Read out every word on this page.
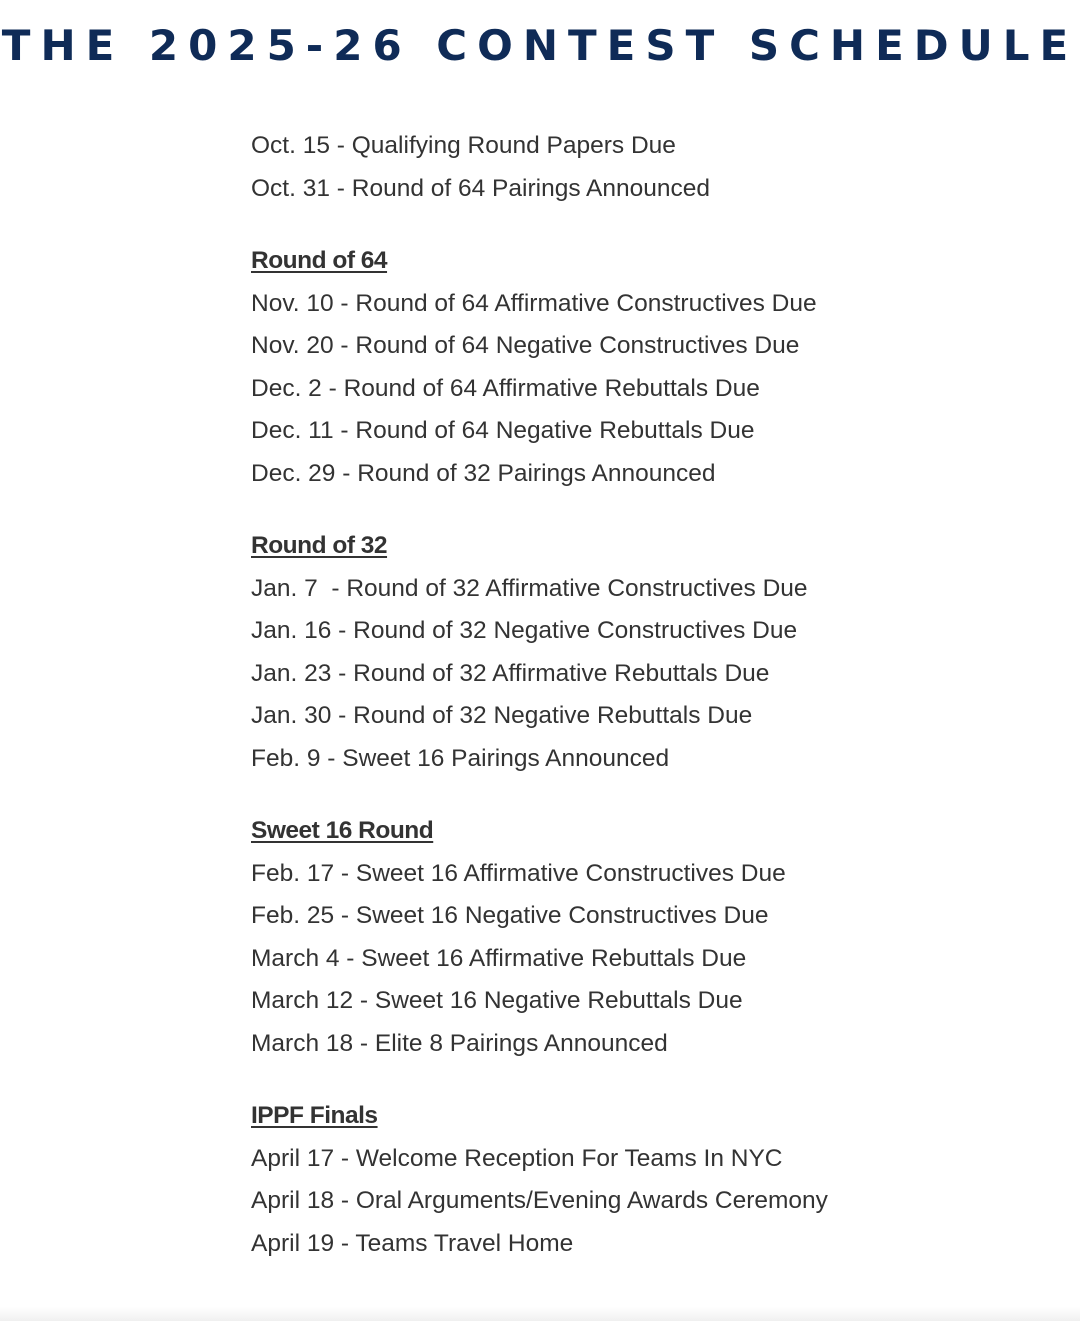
THE 2025-26 CONTEST SCHEDULE
Oct. 15 - Qualifying Round Papers Due
Oct. 31 - Round of 64 Pairings Announced
Round of 64
Nov. 10 - Round of 64 Affirmative Constructives Due
Nov. 20 - Round of 64 Negative Constructives Due
Dec. 2 - Round of 64 Affirmative Rebuttals Due
Dec. 11 - Round of 64 Negative Rebuttals Due
Dec. 29 - Round of 32 Pairings Announced
Round of 32
Jan. 7  - Round of 32 Affirmative Constructives Due
Jan. 16 - Round of 32 Negative Constructives Due
Jan. 23 - Round of 32 Affirmative Rebuttals Due
Jan. 30 - Round of 32 Negative Rebuttals Due
Feb. 9 - Sweet 16 Pairings Announced
Sweet 16 Round
Feb. 17 - Sweet 16 Affirmative Constructives Due
Feb. 25 - Sweet 16 Negative Constructives Due
March 4 - Sweet 16 Affirmative Rebuttals Due
March 12 - Sweet 16 Negative Rebuttals Due
March 18 - Elite 8 Pairings Announced
IPPF Finals
April 17 - Welcome Reception For Teams In NYC
April 18 - Oral Arguments/Evening Awards Ceremony
April 19 - Teams Travel Home
